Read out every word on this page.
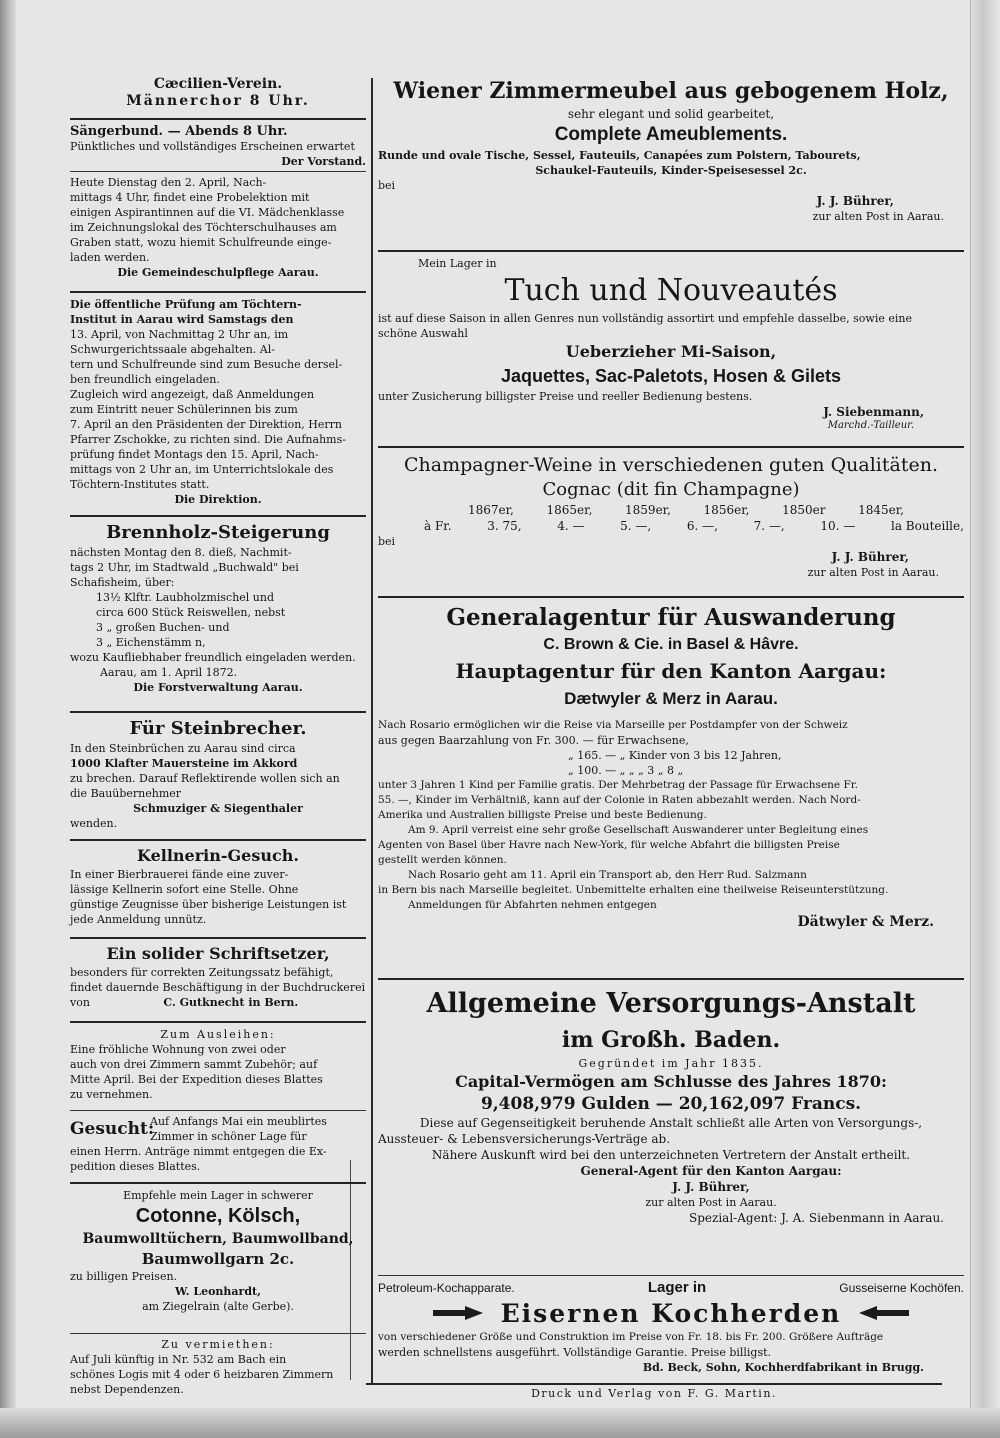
Cæcilien-Verein.
Männerchor 8 Uhr.
Sängerbund. — Abends 8 Uhr.
Pünktliches und vollständiges Erscheinen erwartet
Der Vorstand.
Heute Dienstag den 2. April, Nach-
mittags 4 Uhr, findet eine Probelektion mit
einigen Aspirantinnen auf die VI. Mädchenklasse
im Zeichnungslokal des Töchterschulhauses am
Graben statt, wozu hiemit Schulfreunde einge-
laden werden.
Die Gemeindeschulpflege Aarau.
Die öffentliche Prüfung am Töchtern-
Institut in Aarau wird Samstags den
13. April, von Nachmittag 2 Uhr an, im
Schwurgerichtssaale abgehalten. Al-
tern und Schulfreunde sind zum Besuche dersel-
ben freundlich eingeladen.
Zugleich wird angezeigt, daß Anmeldungen
zum Eintritt neuer Schülerinnen bis zum
7. April an den Präsidenten der Direktion, Herrn
Pfarrer Zschokke, zu richten sind. Die Aufnahms-
prüfung findet Montags den 15. April, Nach-
mittags von 2 Uhr an, im Unterrichtslokale des
Töchtern-Institutes statt.
Die Direktion.
Brennholz-Steigerung
nächsten Montag den 8. dieß, Nachmit-
tags 2 Uhr, im Stadtwald „Buchwald" bei
Schafisheim, über:
13½ Klftr. Laubholzmischel und
circa 600 Stück Reiswellen, nebst
3 „ großen Buchen- und
3 „ Eichenstämm n,
wozu Kaufliebhaber freundlich eingeladen werden.
Aarau, am 1. April 1872.
Die Forstverwaltung Aarau.
Für Steinbrecher.
In den Steinbrüchen zu Aarau sind circa
1000 Klafter Mauersteine im Akkord
zu brechen. Darauf Reflektirende wollen sich an
die Bauübernehmer
Schmuziger & Siegenthaler
wenden.
Kellnerin-Gesuch.
In einer Bierbrauerei fände eine zuver-
lässige Kellnerin sofort eine Stelle. Ohne
günstige Zeugnisse über bisherige Leistungen ist
jede Anmeldung unnütz.
Ein solider Schriftsetzer,
besonders für correkten Zeitungssatz befähigt,
findet dauernde Beschäftigung in der Buchdruckerei
von	C. Gutknecht in Bern.
Zum Ausleihen:
Eine fröhliche Wohnung von zwei oder
auch von drei Zimmern sammt Zubehör; auf
Mitte April. Bei der Expedition dieses Blattes
zu vernehmen.
Gesucht:
Auf Anfangs Mai ein meublirtes
Zimmer in schöner Lage für
einen Herrn. Anträge nimmt entgegen die Ex-
pedition dieses Blattes.
Empfehle mein Lager in schwerer
Cotonne, Kölsch,
Baumwolltüchern, Baumwollband,
Baumwollgarn 2c.
zu billigen Preisen.
W. Leonhardt,
am Ziegelrain (alte Gerbe).
Zu vermiethen:
Auf Juli künftig in Nr. 532 am Bach ein
schönes Logis mit 4 oder 6 heizbaren Zimmern
nebst Dependenzen.
Wiener Zimmermeubel aus gebogenem Holz,
sehr elegant und solid gearbeitet,
Complete Ameublements.
Runde und ovale Tische, Sessel, Fauteuils, Canapées zum Polstern, Tabourets,
Schaukel-Fauteuils, Kinder-Speisesessel 2c.
bei
J. J. Bührer,
zur alten Post in Aarau.
Mein Lager in
Tuch und Nouveautés
ist auf diese Saison in allen Genres nun vollständig assortirt und empfehle dasselbe, sowie eine
schöne Auswahl
Ueberzieher Mi-Saison,
Jaquettes, Sac-Paletots, Hosen & Gilets
unter Zusicherung billigster Preise und reeller Bedienung bestens.
J. Siebenmann,
Marchd.-Tailleur.
Champagner-Weine in verschiedenen guten Qualitäten.
Cognac (dit fin Champagne)
1867er,	1865er,	1859er,	1856er,	1850er	1845er,
à Fr.	3. 75,	4. —	5. —,	6. —,	7. —,	10. —	la Bouteille,
bei
J. J. Bührer,
zur alten Post in Aarau.
Generalagentur für Auswanderung
C. Brown & Cie. in Basel & Hâvre.
Hauptagentur für den Kanton Aargau:
Dætwyler & Merz in Aarau.
Nach Rosario ermöglichen wir die Reise via Marseille per Postdampfer von der Schweiz
aus gegen Baarzahlung von Fr. 300. — für Erwachsene,
„ 165. — „ Kinder von 3 bis 12 Jahren,
„ 100. — „ „ „ 3 „ 8 „
unter 3 Jahren 1 Kind per Familie gratis. Der Mehrbetrag der Passage für Erwachsene Fr.
55. —, Kinder im Verhältniß, kann auf der Colonie in Raten abbezahlt werden. Nach Nord-
Amerika und Australien billigste Preise und beste Bedienung.
Am 9. April verreist eine sehr große Gesellschaft Auswanderer unter Begleitung eines
Agenten von Basel über Havre nach New-York, für welche Abfahrt die billigsten Preise
gestellt werden können.
Nach Rosario geht am 11. April ein Transport ab, den Herr Rud. Salzmann
in Bern bis nach Marseille begleitet. Unbemittelte erhalten eine theilweise Reiseunterstützung.
Anmeldungen für Abfahrten nehmen entgegen
Dätwyler & Merz.
Allgemeine Versorgungs-Anstalt
im Großh. Baden.
Gegründet im Jahr 1835.
Capital-Vermögen am Schlusse des Jahres 1870:
9,408,979 Gulden — 20,162,097 Francs.
Diese auf Gegenseitigkeit beruhende Anstalt schließt alle Arten von Versorgungs-,
Aussteuer- & Lebensversicherungs-Verträge ab.
Nähere Auskunft wird bei den unterzeichneten Vertretern der Anstalt ertheilt.
General-Agent für den Kanton Aargau:
J. J. Bührer,
zur alten Post in Aarau.
Spezial-Agent: J. A. Siebenmann in Aarau.
Petroleum-Kochapparate.	Lager in	Gusseiserne Kochöfen.
Eisernen Kochherden
von verschiedener Größe und Construktion im Preise von Fr. 18. bis Fr. 200. Größere Aufträge
werden schnellstens ausgeführt. Vollständige Garantie. Preise billigst.
Bd. Beck, Sohn, Kochherdfabrikant in Brugg.
Druck und Verlag von F. G. Martin.
